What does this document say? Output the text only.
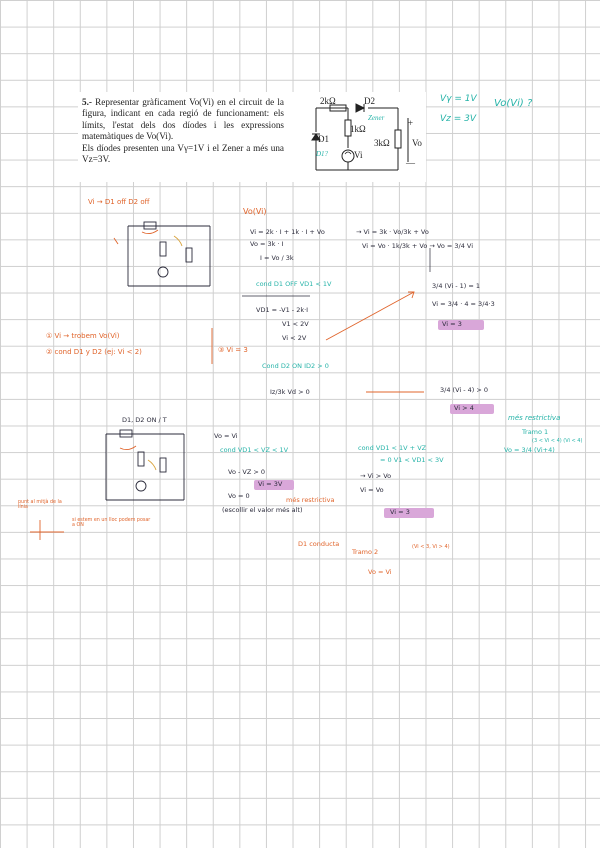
5.- Representar gràficament Vo(Vi) en el circuit de la figura, indicant en cada regió de funcionament: els límits, l'estat dels dos díodes i les expressions matemàtiques de Vo(Vi).

Els díodes presenten una Vγ=1V i el Zener a més una Vz=3V.

2kΩ	D2
1kΩ
3kΩ
D1
Vi
Vo
+
—
Zener
D1?
Vγ = 1V
Vz = 3V
Vo(Vi) ?
Vi → D1 off D2 off
Vo(Vi)
Vi = 2k · I + 1k · I + Vo
Vo = 3k · I
I = Vo / 3k
→ Vi = 3k · Vo/3k + Vo
Vi = Vo · 1k/3k + Vo → Vo = 3/4 Vi
cond D1 OFF VD1 < 1V
VD1 = -V1 - 2k·I
V1 < 2V
Vi < 2V
3/4 (Vi - 1) = 1
Vi = 3/4 · 4 = 3/4·3
Vi = 3
① Vi → trobem Vo(Vi)
② cond D1 y D2 (ej: Vi < 2)	③ Vi = 3
Cond D2 ON ID2 > 0
Iz/3k Vd > 0	3/4 (Vi - 4) > 0
Vi > 4
més restrictiva
Tramo 1
(3 < Vi < 4) (Vi < 4)
Vo = 3/4 (Vi+4)
D1, D2 ON / T
Vo = Vi
cond VD1 < VZ < 1V	cond VD1 < 1V + VZ
= 0 V1 < VD1 < 3V
Vo - VZ > 0	→ Vi > Vo
Vi = Vo
Vi = 3V
Vo = 0
Vi = 3
(escollir el valor més alt)
més restrictiva
D1 conducta
Tramo 2
(Vi < 3, Vi > 4)
Vo = Vi
punt al mitjà de la línia
si estem en un lloc podem posar a ON
